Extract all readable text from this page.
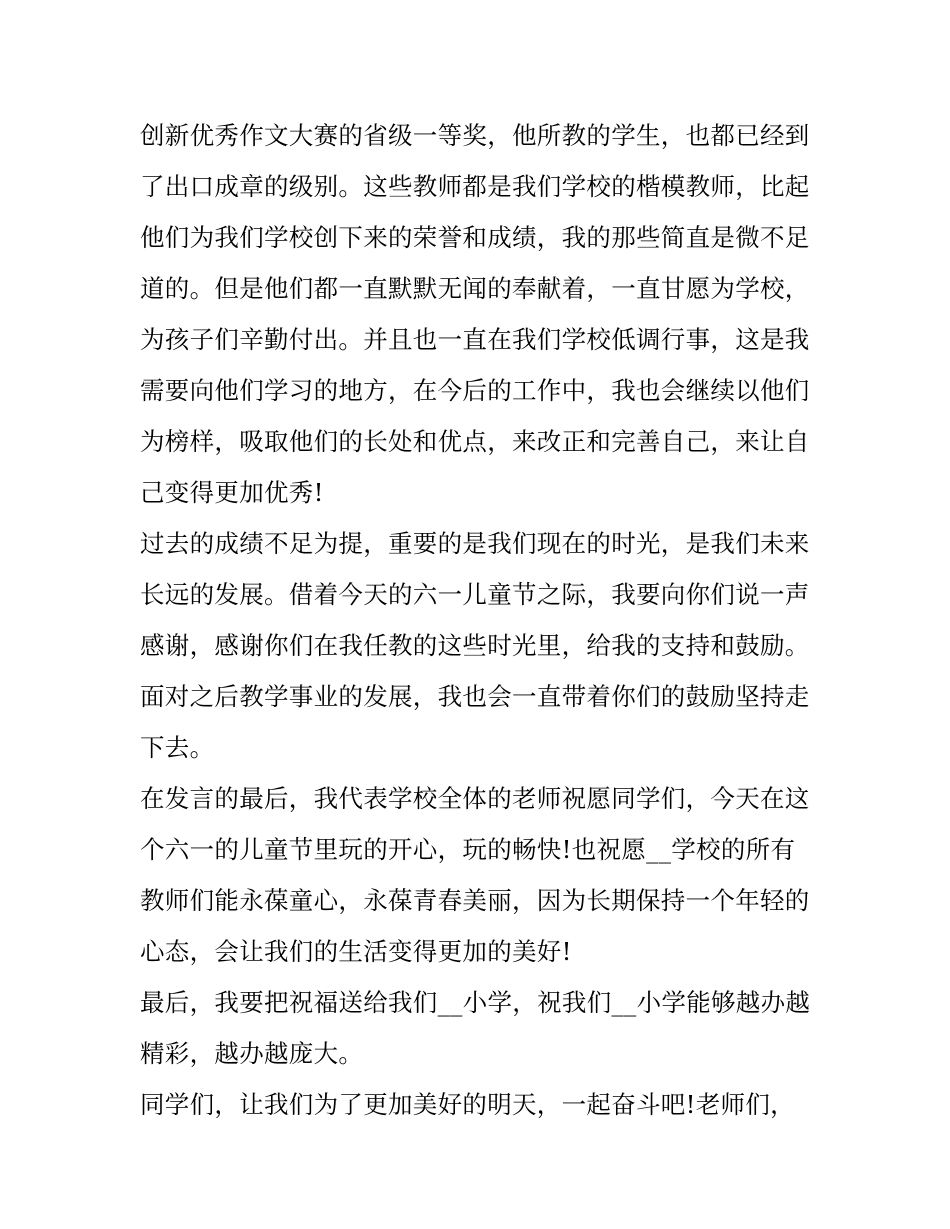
创新优秀作文大赛的省级一等奖，他所教的学生，也都已经到
了出口成章的级别。这些教师都是我们学校的楷模教师，比起
他们为我们学校创下来的荣誉和成绩，我的那些简直是微不足
道的。但是他们都一直默默无闻的奉献着，一直甘愿为学校，
为孩子们辛勤付出。并且也一直在我们学校低调行事，这是我
需要向他们学习的地方，在今后的工作中，我也会继续以他们
为榜样，吸取他们的长处和优点，来改正和完善自己，来让自
己变得更加优秀!
过去的成绩不足为提，重要的是我们现在的时光，是我们未来
长远的发展。借着今天的六一儿童节之际，我要向你们说一声
感谢，感谢你们在我任教的这些时光里，给我的支持和鼓励。
面对之后教学事业的发展，我也会一直带着你们的鼓励坚持走
下去。
在发言的最后，我代表学校全体的老师祝愿同学们，今天在这
个六一的儿童节里玩的开心，玩的畅快!也祝愿__学校的所有
教师们能永葆童心，永葆青春美丽，因为长期保持一个年轻的
心态，会让我们的生活变得更加的美好!
最后，我要把祝福送给我们__小学，祝我们__小学能够越办越
精彩，越办越庞大。
同学们，让我们为了更加美好的明天，一起奋斗吧!老师们，
